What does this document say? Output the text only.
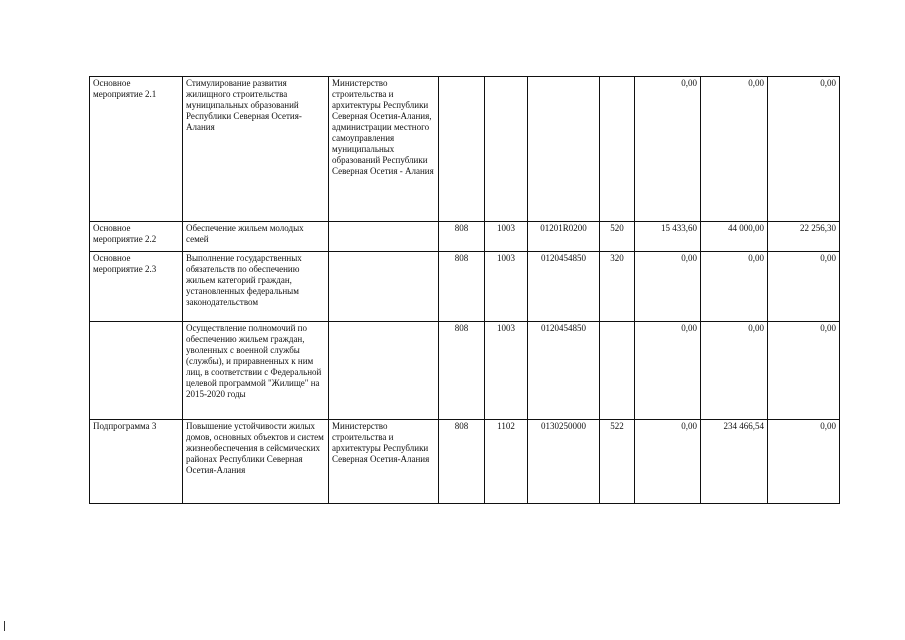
Основное мероприятие 2.1	Стимулирование развития жилищного строительства муниципальных образований Республики Северная Осетия-Алания	Министерство строительства и архитектуры Республики Северная Осетия-Алания, администрации местного самоуправления муниципальных образований Республики Северная Осетия - Алания					0,00	0,00	0,00
Основное мероприятие 2.2	Обеспечение жильем молодых семей		808	1003	01201R0200	520	15 433,60	44 000,00	22 256,30
Основное мероприятие 2.3	Выполнение государственных обязательств по обеспечению жильем категорий граждан, установленных федеральным законодательством		808	1003	0120454850	320	0,00	0,00	0,00
	Осуществление полномочий по обеспечению жильем граждан, уволенных с военной службы (службы), и приравненных к ним лиц, в соответствии с Федеральной целевой программой "Жилище" на 2015-2020 годы		808	1003	0120454850		0,00	0,00	0,00
Подпрограмма 3	Повышение устойчивости жилых домов, основных объектов и систем жизнеобеспечения в сейсмических районах Республики Северная Осетия-Алания	Министерство строительства и архитектуры Республики Северная Осетия-Алания	808	1102	0130250000	522	0,00	234 466,54	0,00
